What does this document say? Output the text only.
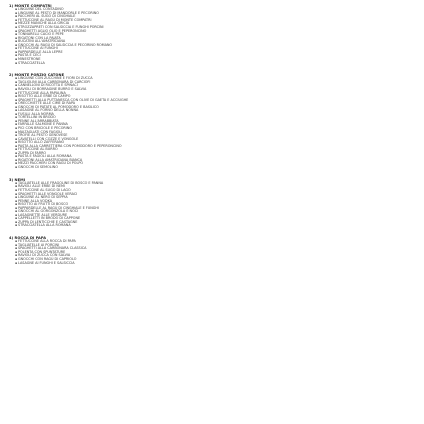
1) MONTE COMPATRI
▪ LINGUINE DEL CONTADINO
▪ LINGUINE AL PESTO DI MANDORLE E PECORINO
▪ PACCHERI AL SUGO DI CINGHIALE
▪ FETTUCCINE AL RAGÙ DI MONTE COMPATRI
▪ MEZZE MANICHE ALLA GRICIA
▪ STROZZAPRETI CON SALSICCIA E FUNGHI PORCINI
▪ SPAGHETTI AGLIO OLIO E PEPERONCINO
▪ TONNARELLI CACIO E PEPE
▪ RIGATONI CON LA PAJATA
▪ BUCATINI ALL'AMATRICIANA
▪ GNOCCHI AL RAGÙ DI SALSICCIA E PECORINO ROMANO
▪ FETTUCCINE AI FUNGHI
▪ PAPPARDELLE ALLA LEPRE
▪ PASTA E CECI
▪ MINESTRONE
▪ STRACCIATELLA
2) MONTE PORZIO CATONE
▪ LINGUINE CON ZUCCHINE E FIORI DI ZUCCA
▪ TAGLIOLINI ALLA CARBONARA DI CARCIOFI
▪ CANNELLONI DI RICOTTA E SPINACI
▪ RAVIOLI DI BORRAGINE BURRO E SALVIA
▪ FETTUCCINE ALLA PAPALINA
▪ RISOTTO ALLE ERBE DI CAMPO
▪ SPAGHETTI ALLA PUTTANESCA CON OLIVE DI GAETA E ACCIUGHE
▪ ORECCHIETTE ALLE CIME DI RAPA
▪ GNOCCHI DI PATATE AL POMODORO E BASILICO
▪ LASAGNE AL FORNO DELLA NONNA
▪ FUSILLI ALLA NORMA
▪ TORTELLINI IN BRODO
▪ PENNE ALL'ARRABBIATA
▪ FARFALLE SALMONE E PANNA
▪ PICI CON BRICIOLE E PECORINO
▪ MALTAGLIATI CON FAGIOLI
▪ TROFIE AL PESTO GENOVESE
▪ CAVATELLI CON COZZE E VONGOLE
▪ RISOTTO ALLO ZAFFERANO
▪ PASTA ALLA CARRETTIERA CON POMODORO E PEPERONCINO
▪ FETTUCCINE AL BURRO
▪ ZUPPA DI FARRO
▪ PASTA E FAGIOLI ALLA ROMANA
▪ RIGATONI ALLA AMATRICIANA BIANCA
▪ MEZZI PACCHERI CON RAGÙ DI POLPO
▪ GNOCCHI DI SEMOLINO
3) NEMI
▪ TAGLIATELLE ALLE FRAGOLINE DI BOSCO E PANNA
▪ RAVIOLI ALLE ERBE DI NEMI
▪ FETTUCCINE AL SUGO DI LAGO
▪ SPAGHETTI ALLE VONGOLE VERACI
▪ LINGUINE AL NERO DI SEPPIA
▪ PENNE ALLA VODKA
▪ RISOTTO AI FRUTTI DI BOSCO
▪ PAPPARDELLE AL RAGÙ DI CINGHIALE E FUNGHI
▪ GNOCCHI AL GORGONZOLA E NOCI
▪ LASAGNETTE ALLE VERDURE
▪ CAPPELLETTI IN BRODO DI CAPPONE
▪ ZUPPA DI LENTICCHIE E CASTAGNE
▪ STRACCIATELLA ALLA ROMANA
4) ROCCA DI PAPA
▪ FETTUCCINE ALLA ROCCA DI PAPA
▪ TAGLIATELLE AI PORCINI
▪ SPAGHETTI ALLA CARBONARA CLASSICA
▪ POLENTA CON SPUNTATURE
▪ RAVIOLI DI ZUCCA CON SALVIA
▪ GNOCCHI CON RAGÙ DI CAPRIOLO
▪ LASAGNE AI FUNGHI E SALSICCIA
